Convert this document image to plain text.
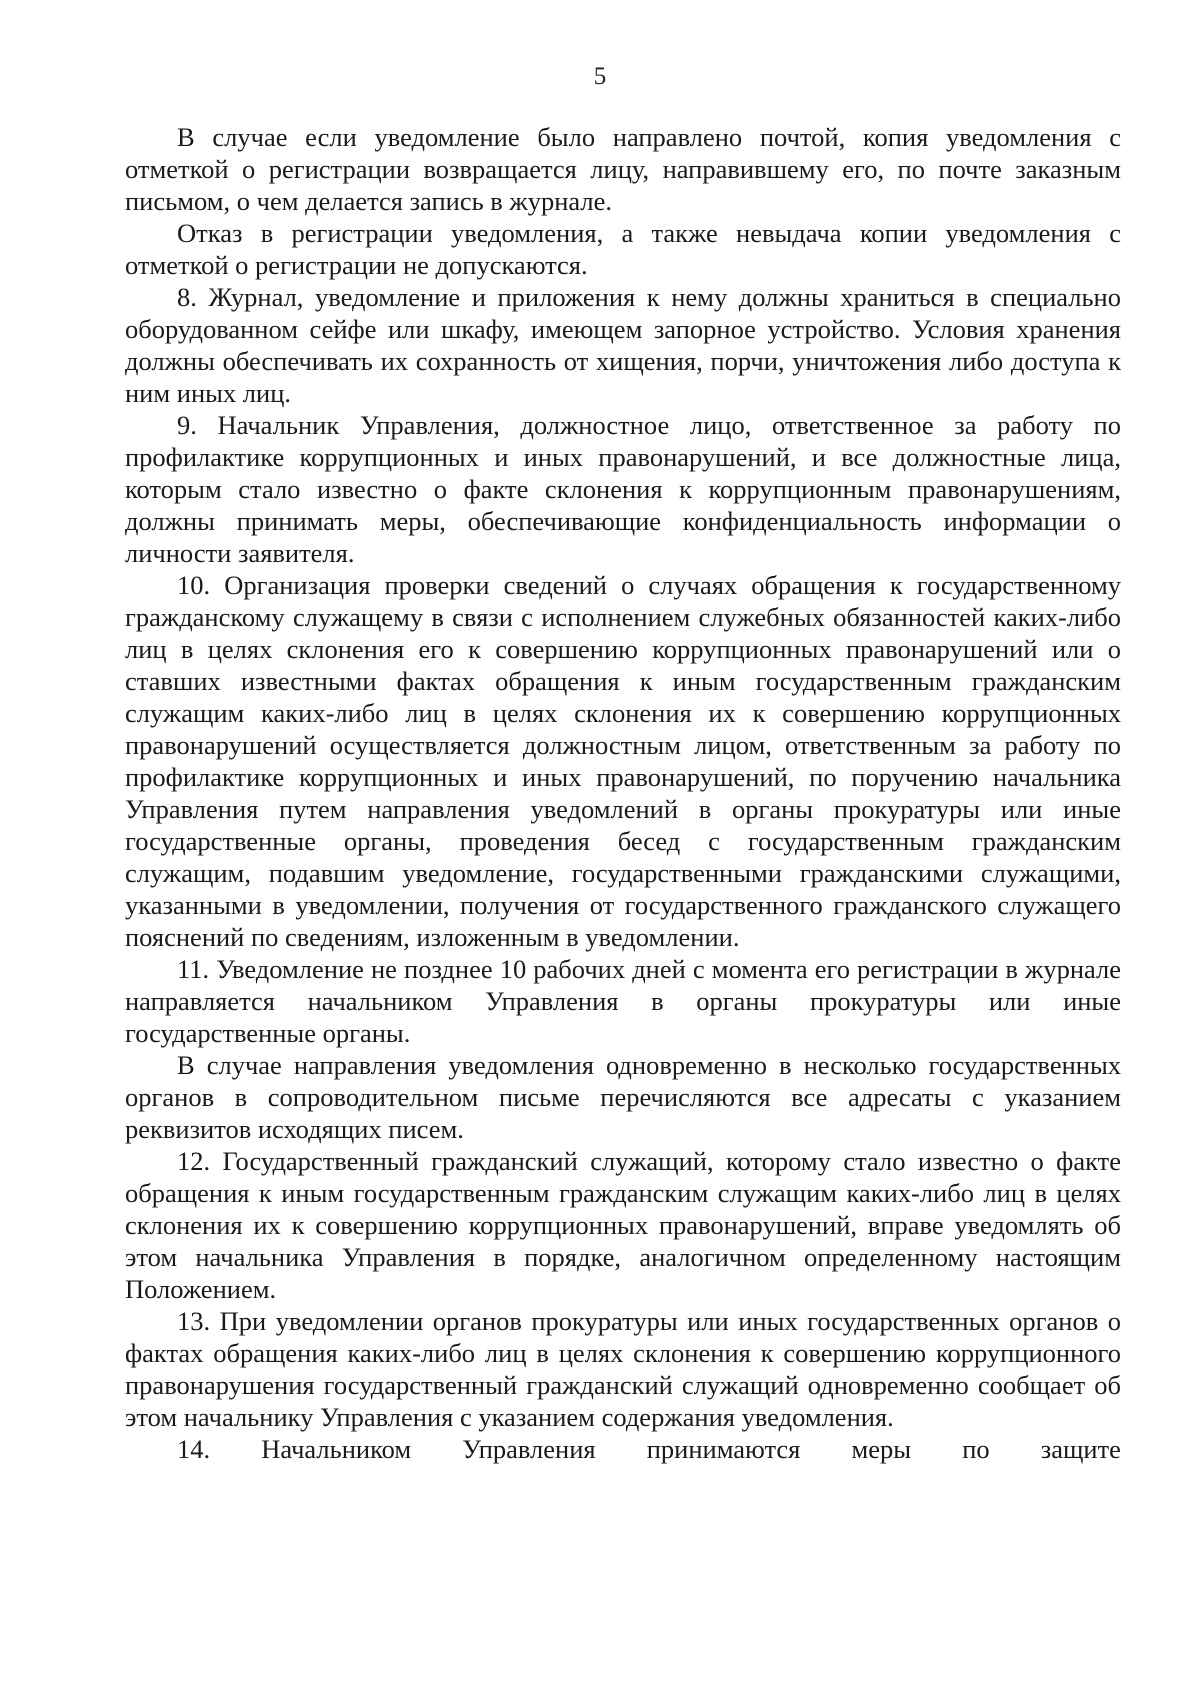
5

В случае если уведомление было направлено почтой, копия уведомления с отметкой о регистрации возвращается лицу, направившему его, по почте заказным письмом, о чем делается запись в журнале.

Отказ в регистрации уведомления, а также невыдача копии уведомления с отметкой о регистрации не допускаются.

8. Журнал, уведомление и приложения к нему должны храниться в специально оборудованном сейфе или шкафу, имеющем запорное устройство. Условия хранения должны обеспечивать их сохранность от хищения, порчи, уничтожения либо доступа к ним иных лиц.

9. Начальник Управления, должностное лицо, ответственное за работу по профилактике коррупционных и иных правонарушений, и все должностные лица, которым стало известно о факте склонения к коррупционным правонарушениям, должны принимать меры, обеспечивающие конфиденциальность информации о личности заявителя.

10. Организация проверки сведений о случаях обращения к государственному гражданскому служащему в связи с исполнением служебных обязанностей каких-либо лиц в целях склонения его к совершению коррупционных правонарушений или о ставших известными фактах обращения к иным государственным гражданским служащим каких-либо лиц в целях склонения их к совершению коррупционных правонарушений осуществляется должностным лицом, ответственным за работу по профилактике коррупционных и иных правонарушений, по поручению начальника Управления путем направления уведомлений в органы прокуратуры или иные государственные органы, проведения бесед с государственным гражданским служащим, подавшим уведомление, государственными гражданскими служащими, указанными в уведомлении, получения от государственного гражданского служащего пояснений по сведениям, изложенным в уведомлении.

11. Уведомление не позднее 10 рабочих дней с момента его регистрации в журнале направляется начальником Управления в органы прокуратуры или иные государственные органы.

В случае направления уведомления одновременно в несколько государственных органов в сопроводительном письме перечисляются все адресаты с указанием реквизитов исходящих писем.

12. Государственный гражданский служащий, которому стало известно о факте обращения к иным государственным гражданским служащим каких-либо лиц в целях склонения их к совершению коррупционных правонарушений, вправе уведомлять об этом начальника Управления в порядке, аналогичном определенному настоящим Положением.

13. При уведомлении органов прокуратуры или иных государственных органов о фактах обращения каких-либо лиц в целях склонения к совершению коррупционного правонарушения государственный гражданский служащий одновременно сообщает об этом начальнику Управления с указанием содержания уведомления.

14. Начальником Управления принимаются меры по защите
